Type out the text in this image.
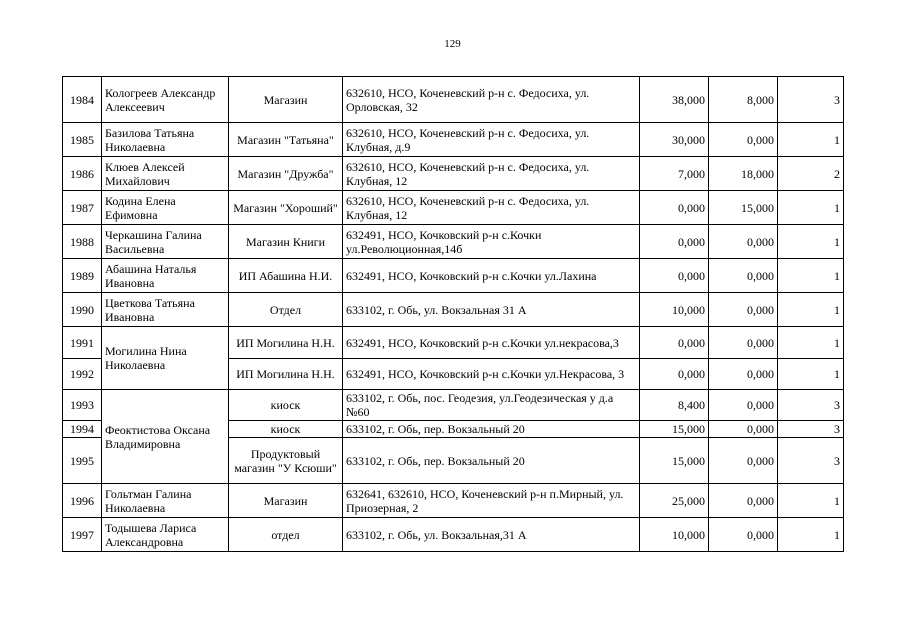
129
1984	Кологреев Александр Алексеевич	Магазин	632610, НСО, Коченевский р-н с. Федосиха, ул. Орловская, 32	38,000	8,000	3
1985	Базилова Татьяна Николаевна	Магазин "Татьяна"	632610, НСО, Коченевский р-н с. Федосиха, ул. Клубная, д.9	30,000	0,000	1
1986	Клюев Алексей Михайлович	Магазин "Дружба"	632610, НСО, Коченевский р-н с. Федосиха, ул. Клубная, 12	7,000	18,000	2
1987	Кодина Елена Ефимовна	Магазин "Хороший"	632610, НСО, Коченевский р-н с. Федосиха, ул. Клубная, 12	0,000	15,000	1
1988	Черкашина Галина Васильевна	Магазин Книги	632491, НСО, Кочковский р-н с.Кочки ул.Революционная,14б	0,000	0,000	1
1989	Абашина Наталья Ивановна	ИП Абашина Н.И.	632491, НСО, Кочковский р-н с.Кочки ул.Лахина	0,000	0,000	1
1990	Цветкова Татьяна Ивановна	Отдел	633102, г. Обь, ул. Вокзальная 31 А	10,000	0,000	1
1991	Могилина Нина Николаевна	ИП Могилина Н.Н.	632491, НСО, Кочковский р-н с.Кочки ул.некрасова,3	0,000	0,000	1
1992		ИП Могилина Н.Н.	632491, НСО, Кочковский р-н с.Кочки ул.Некрасова, 3	0,000	0,000	1
1993	Феоктистова Оксана Владимировна	киоск	633102, г. Обь, пос. Геодезия, ул.Геодезическая у д.а №60	8,400	0,000	3
1994		киоск	633102, г. Обь, пер. Вокзальный 20	15,000	0,000	3
1995		Продуктовый магазин "У Ксюши"	633102, г. Обь, пер. Вокзальный 20	15,000	0,000	3
1996	Гольтман Галина Николаевна	Магазин	632641, 632610, НСО, Коченевский р-н п.Мирный, ул. Приозерная, 2	25,000	0,000	1
1997	Тодышева Лариса Александровна	отдел	633102, г. Обь, ул. Вокзальная,31 А	10,000	0,000	1
